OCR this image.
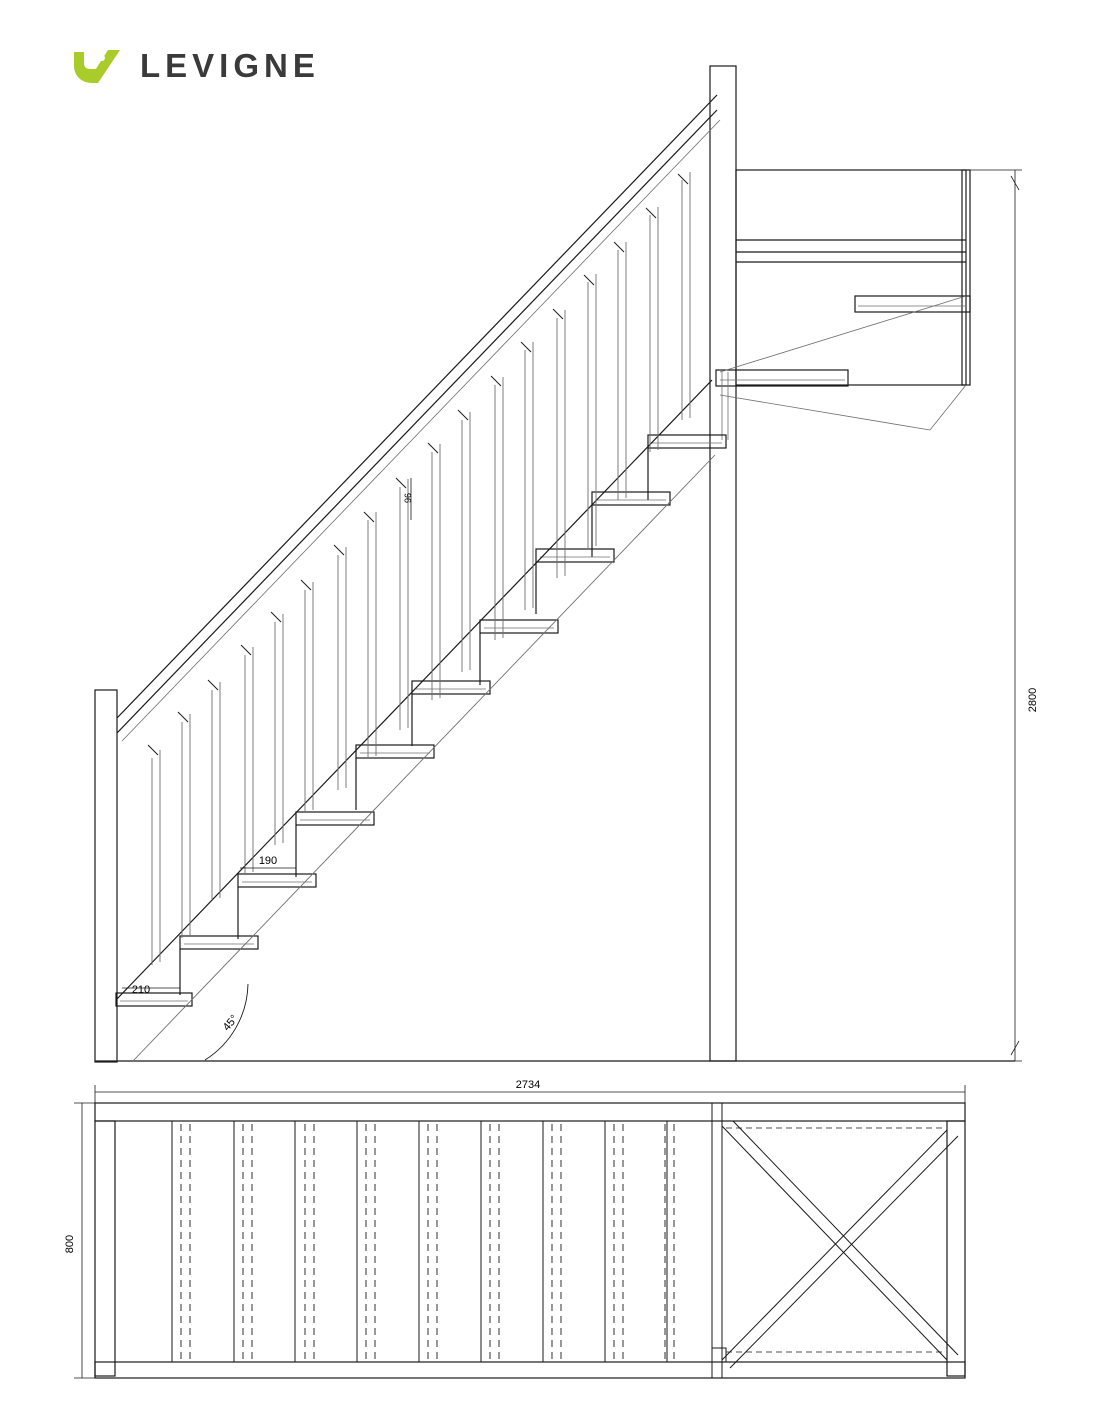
LEVIGNE
2800
190
210
96
45°
2734
800
